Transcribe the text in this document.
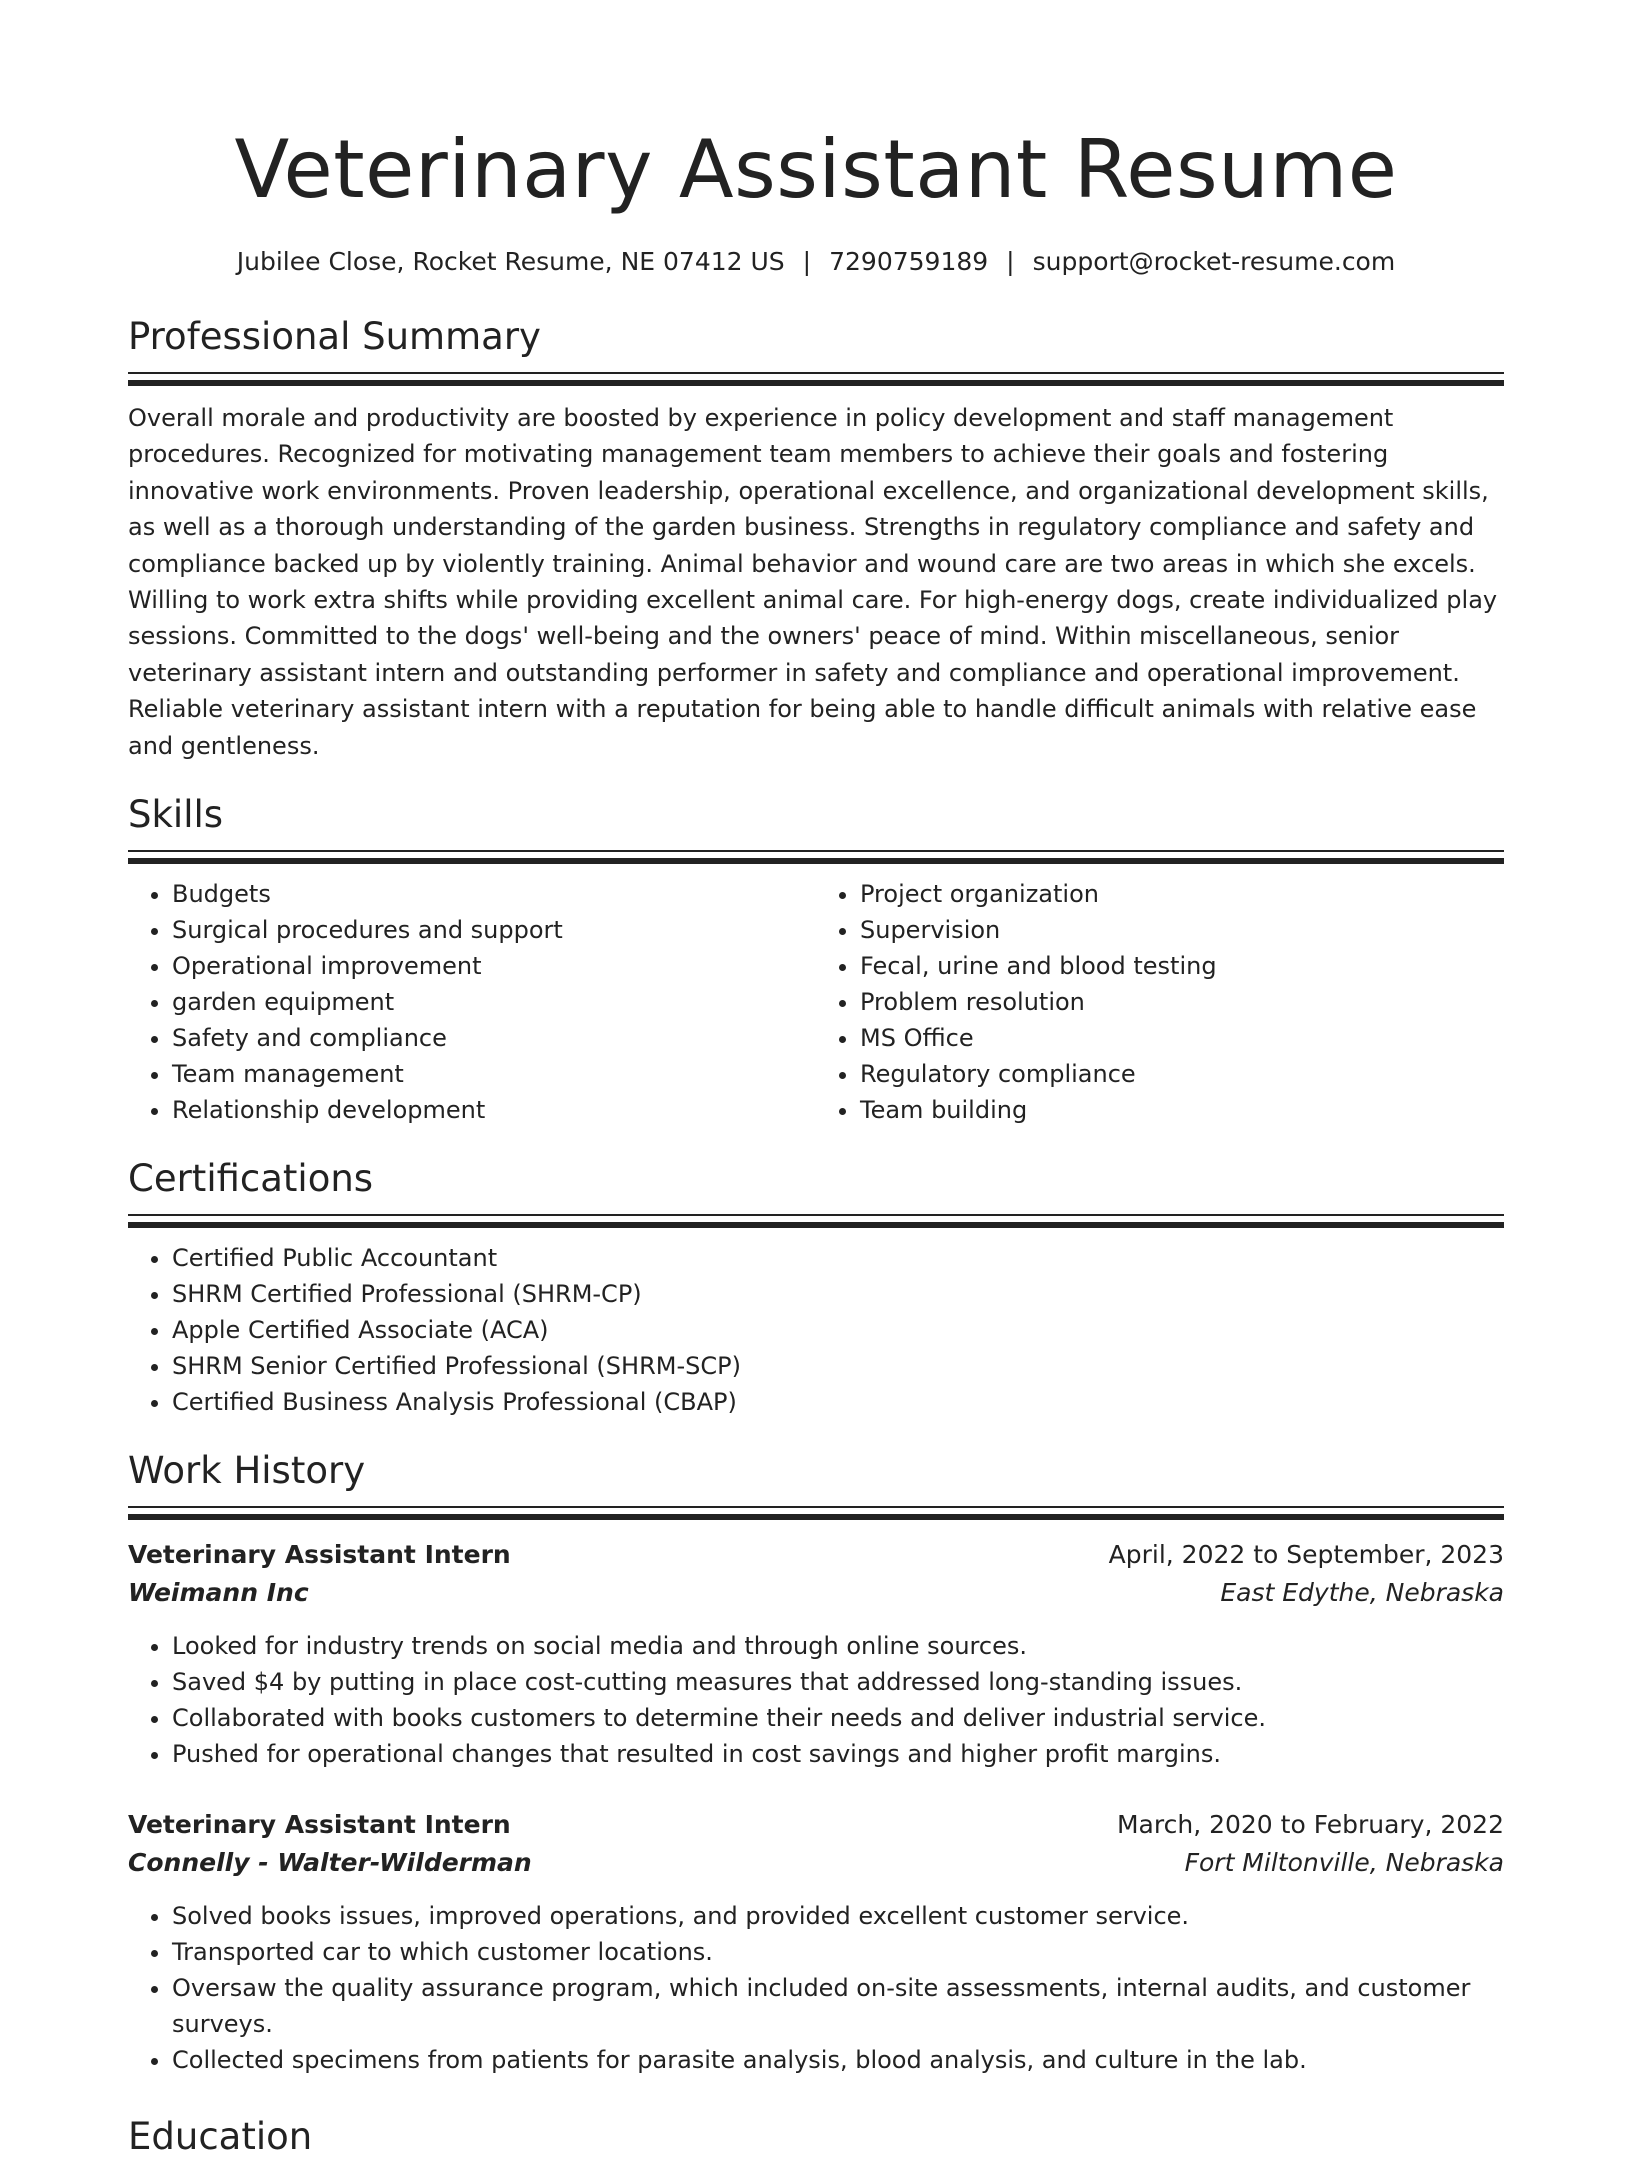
Veterinary Assistant Resume
Jubilee Close, Rocket Resume, NE 07412 US | 7290759189 | support@rocket-resume.com
Professional Summary
Overall morale and productivity are boosted by experience in policy development and staff management procedures. Recognized for motivating management team members to achieve their goals and fostering innovative work environments. Proven leadership, operational excellence, and organizational development skills, as well as a thorough understanding of the garden business. Strengths in regulatory compliance and safety and compliance backed up by violently training. Animal behavior and wound care are two areas in which she excels. Willing to work extra shifts while providing excellent animal care. For high-energy dogs, create individualized play sessions. Committed to the dogs' well-being and the owners' peace of mind. Within miscellaneous, senior veterinary assistant intern and outstanding performer in safety and compliance and operational improvement. Reliable veterinary assistant intern with a reputation for being able to handle difficult animals with relative ease and gentleness.
Skills
• Budgets
• Surgical procedures and support
• Operational improvement
• garden equipment
• Safety and compliance
• Team management
• Relationship development
• Project organization
• Supervision
• Fecal, urine and blood testing
• Problem resolution
• MS Office
• Regulatory compliance
• Team building
Certifications
• Certified Public Accountant
• SHRM Certified Professional (SHRM-CP)
• Apple Certified Associate (ACA)
• SHRM Senior Certified Professional (SHRM-SCP)
• Certified Business Analysis Professional (CBAP)
Work History
Veterinary Assistant Intern	April, 2022 to September, 2023
Weimann Inc	East Edythe, Nebraska
• Looked for industry trends on social media and through online sources.
• Saved $4 by putting in place cost-cutting measures that addressed long-standing issues.
• Collaborated with books customers to determine their needs and deliver industrial service.
• Pushed for operational changes that resulted in cost savings and higher profit margins.
Veterinary Assistant Intern	March, 2020 to February, 2022
Connelly - Walter-Wilderman	Fort Miltonville, Nebraska
• Solved books issues, improved operations, and provided excellent customer service.
• Transported car to which customer locations.
• Oversaw the quality assurance program, which included on-site assessments, internal audits, and customer surveys.
• Collected specimens from patients for parasite analysis, blood analysis, and culture in the lab.
Education
